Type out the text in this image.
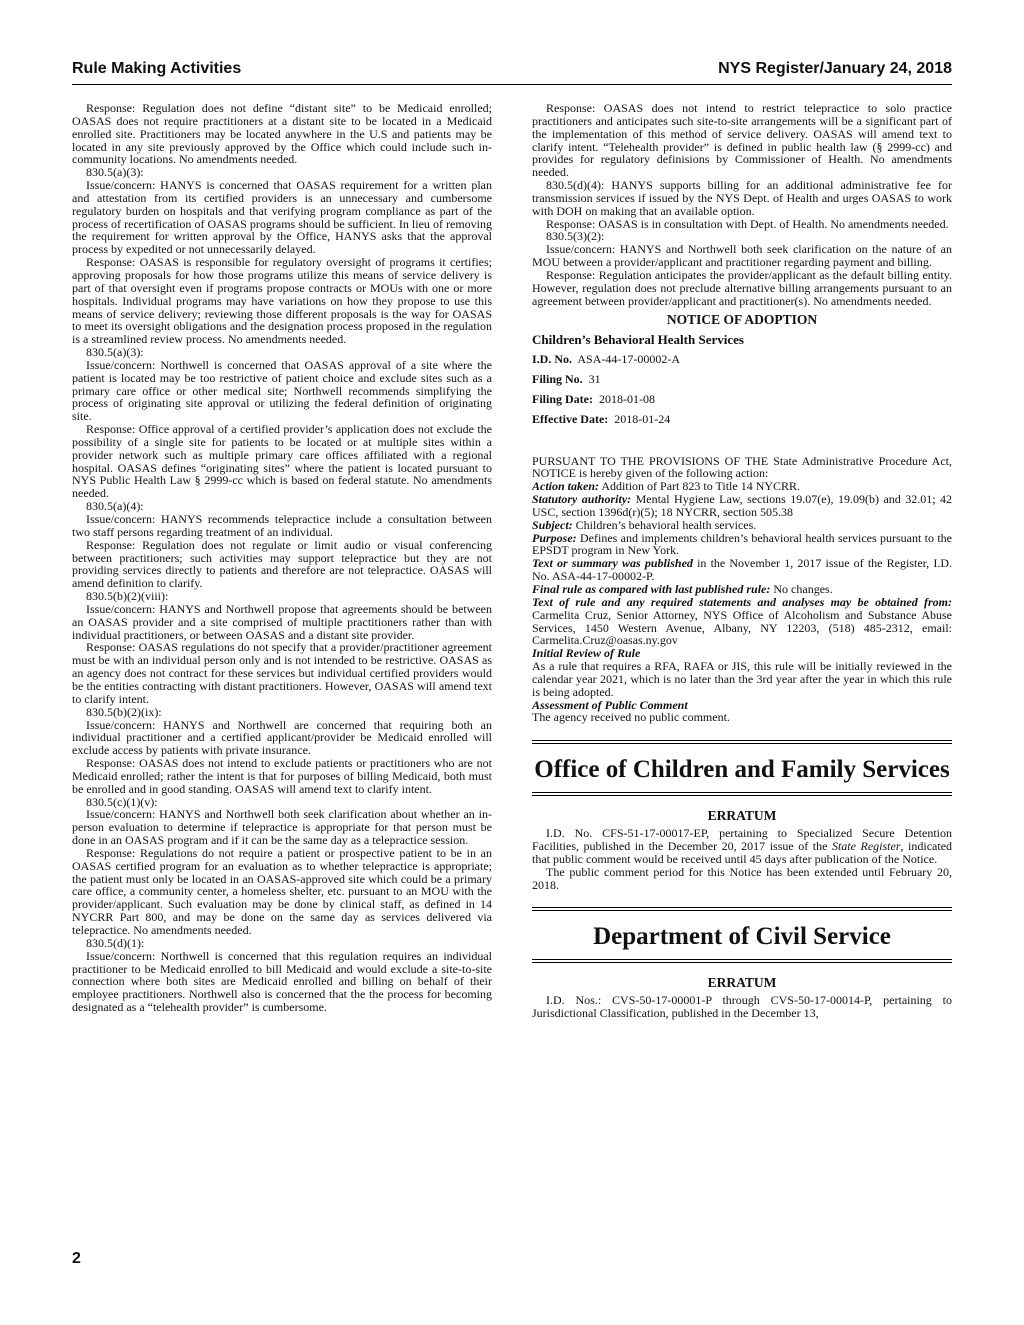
Rule Making Activities	NYS Register/January 24, 2018

Response: Regulation does not define “distant site” to be Medicaid enrolled; OASAS does not require practitioners at a distant site to be located in a Medicaid enrolled site. Practitioners may be located anywhere in the U.S and patients may be located in any site previously approved by the Office which could include such in-community locations. No amendments needed.

830.5(a)(3):

Issue/concern: HANYS is concerned that OASAS requirement for a written plan and attestation from its certified providers is an unnecessary and cumbersome regulatory burden on hospitals and that verifying program compliance as part of the process of recertification of OASAS programs should be sufficient. In lieu of removing the requirement for written approval by the Office, HANYS asks that the approval process by expedited or not unnecessarily delayed.

Response: OASAS is responsible for regulatory oversight of programs it certifies; approving proposals for how those programs utilize this means of service delivery is part of that oversight even if programs propose contracts or MOUs with one or more hospitals. Individual programs may have variations on how they propose to use this means of service delivery; reviewing those different proposals is the way for OASAS to meet its oversight obligations and the designation process proposed in the regulation is a streamlined review process. No amendments needed.

830.5(a)(3):

Issue/concern: Northwell is concerned that OASAS approval of a site where the patient is located may be too restrictive of patient choice and exclude sites such as a primary care office or other medical site; Northwell recommends simplifying the process of originating site approval or utilizing the federal definition of originating site.

Response: Office approval of a certified provider’s application does not exclude the possibility of a single site for patients to be located or at multiple sites within a provider network such as multiple primary care offices affiliated with a regional hospital. OASAS defines “originating sites” where the patient is located pursuant to NYS Public Health Law § 2999-cc which is based on federal statute. No amendments needed.

830.5(a)(4):

Issue/concern: HANYS recommends telepractice include a consultation between two staff persons regarding treatment of an individual.

Response: Regulation does not regulate or limit audio or visual conferencing between practitioners; such activities may support telepractice but they are not providing services directly to patients and therefore are not telepractice. OASAS will amend definition to clarify.

830.5(b)(2)(viii):

Issue/concern: HANYS and Northwell propose that agreements should be between an OASAS provider and a site comprised of multiple practitioners rather than with individual practitioners, or between OASAS and a distant site provider.

Response: OASAS regulations do not specify that a provider/practitioner agreement must be with an individual person only and is not intended to be restrictive. OASAS as an agency does not contract for these services but individual certified providers would be the entities contracting with distant practitioners. However, OASAS will amend text to clarify intent.

830.5(b)(2)(ix):

Issue/concern: HANYS and Northwell are concerned that requiring both an individual practitioner and a certified applicant/provider be Medicaid enrolled will exclude access by patients with private insurance.

Response: OASAS does not intend to exclude patients or practitioners who are not Medicaid enrolled; rather the intent is that for purposes of billing Medicaid, both must be enrolled and in good standing. OASAS will amend text to clarify intent.

830.5(c)(1)(v):

Issue/concern: HANYS and Northwell both seek clarification about whether an in-person evaluation to determine if telepractice is appropriate for that person must be done in an OASAS program and if it can be the same day as a telepractice session.

Response: Regulations do not require a patient or prospective patient to be in an OASAS certified program for an evaluation as to whether telepractice is appropriate; the patient must only be located in an OASAS-approved site which could be a primary care office, a community center, a homeless shelter, etc. pursuant to an MOU with the provider/applicant. Such evaluation may be done by clinical staff, as defined in 14 NYCRR Part 800, and may be done on the same day as services delivered via telepractice. No amendments needed.

830.5(d)(1):

Issue/concern: Northwell is concerned that this regulation requires an individual practitioner to be Medicaid enrolled to bill Medicaid and would exclude a site-to-site connection where both sites are Medicaid enrolled and billing on behalf of their employee practitioners. Northwell also is concerned that the the process for becoming designated as a “telehealth provider” is cumbersome.

Response: OASAS does not intend to restrict telepractice to solo practice practitioners and anticipates such site-to-site arrangements will be a significant part of the implementation of this method of service delivery. OASAS will amend text to clarify intent. “Telehealth provider” is defined in public health law (§ 2999-cc) and provides for regulatory definisions by Commissioner of Health. No amendments needed.

830.5(d)(4): HANYS supports billing for an additional administrative fee for transmission services if issued by the NYS Dept. of Health and urges OASAS to work with DOH on making that an available option.

Response: OASAS is in consultation with Dept. of Health. No amendments needed.

830.5(3)(2):

Issue/concern: HANYS and Northwell both seek clarification on the nature of an MOU between a provider/applicant and practitioner regarding payment and billing.

Response: Regulation anticipates the provider/applicant as the default billing entity. However, regulation does not preclude alternative billing arrangements pursuant to an agreement between provider/applicant and practitioner(s). No amendments needed.

NOTICE OF ADOPTION
Children’s Behavioral Health Services
I.D. No. ASA-44-17-00002-A
Filing No. 31
Filing Date: 2018-01-08
Effective Date: 2018-01-24

PURSUANT TO THE PROVISIONS OF THE State Administrative Procedure Act, NOTICE is hereby given of the following action:

Action taken: Addition of Part 823 to Title 14 NYCRR.

Statutory authority: Mental Hygiene Law, sections 19.07(e), 19.09(b) and 32.01; 42 USC, section 1396d(r)(5); 18 NYCRR, section 505.38

Subject: Children’s behavioral health services.

Purpose: Defines and implements children’s behavioral health services pursuant to the EPSDT program in New York.

Text or summary was published in the November 1, 2017 issue of the Register, I.D. No. ASA-44-17-00002-P.

Final rule as compared with last published rule: No changes.

Text of rule and any required statements and analyses may be obtained from: Carmelita Cruz, Senior Attorney, NYS Office of Alcoholism and Substance Abuse Services, 1450 Western Avenue, Albany, NY 12203, (518) 485-2312, email: Carmelita.Cruz@oasas.ny.gov

Initial Review of Rule

As a rule that requires a RFA, RAFA or JIS, this rule will be initially reviewed in the calendar year 2021, which is no later than the 3rd year after the year in which this rule is being adopted.

Assessment of Public Comment

The agency received no public comment.

Office of Children and Family Services
ERRATUM

I.D. No. CFS-51-17-00017-EP, pertaining to Specialized Secure Detention Facilities, published in the December 20, 2017 issue of the State Register, indicated that public comment would be received until 45 days after publication of the Notice.

The public comment period for this Notice has been extended until February 20, 2018.

Department of Civil Service
ERRATUM

I.D. Nos.: CVS-50-17-00001-P through CVS-50-17-00014-P, pertaining to Jurisdictional Classification, published in the December 13,

2
